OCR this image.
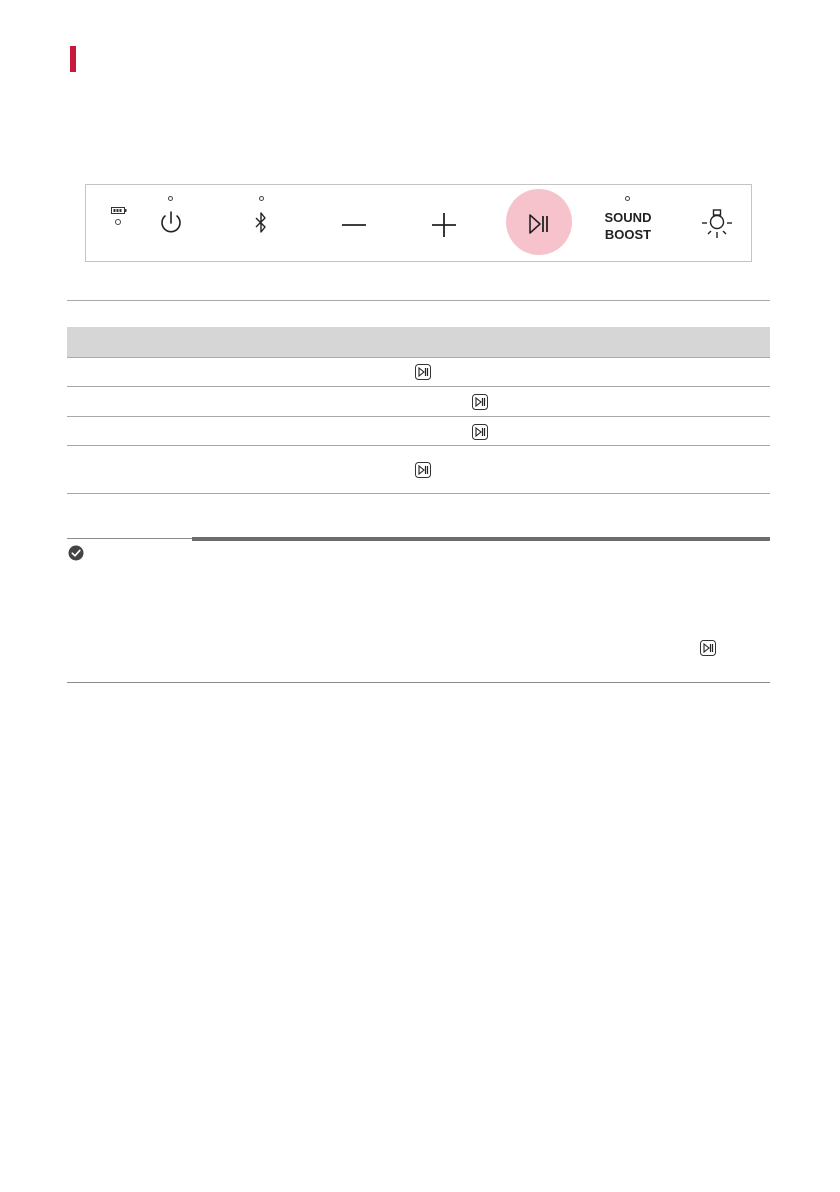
SOUND
BOOST
